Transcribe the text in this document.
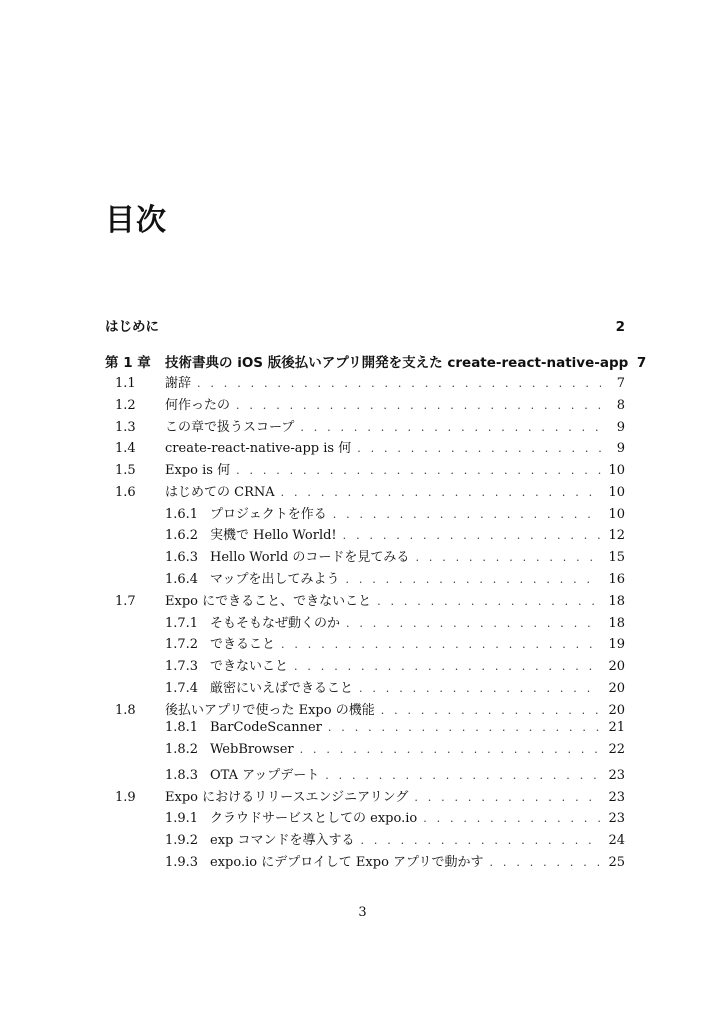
目次
はじめに	2
第 1 章	技術書典の iOS 版後払いアプリ開発を支えた create-react-native-app 7
1.1	謝辞 . . .	7
1.2	何作ったの . . .	8
1.3	この章で扱うスコープ . . .	9
1.4	create-react-native-app is 何 . . .	9
1.5	Expo is 何 . . .	10
1.6	はじめての CRNA . . .	10
1.6.1 プロジェクトを作る . . .	10
1.6.2 実機で Hello World! . . .	12
1.6.3 Hello World のコードを見てみる . . .	15
1.6.4 マップを出してみよう . . .	16
1.7	Expo にできること、できないこと . . .	18
1.7.1 そもそもなぜ動くのか . . .	18
1.7.2 できること . . .	19
1.7.3 できないこと . . .	20
1.7.4 厳密にいえばできること . . .	20
1.8	後払いアプリで使った Expo の機能 . . .	20
1.8.1 BarCodeScanner . . .	21
1.8.2 WebBrowser . . .	22
1.8.3 OTA アップデート . . .	23
1.9	Expo におけるリリースエンジニアリング . . .	23
1.9.1 クラウドサービスとしての expo.io . . .	23
1.9.2 exp コマンドを導入する . . .	24
1.9.3 expo.io にデプロイして Expo アプリで動かす . . .	25
3
